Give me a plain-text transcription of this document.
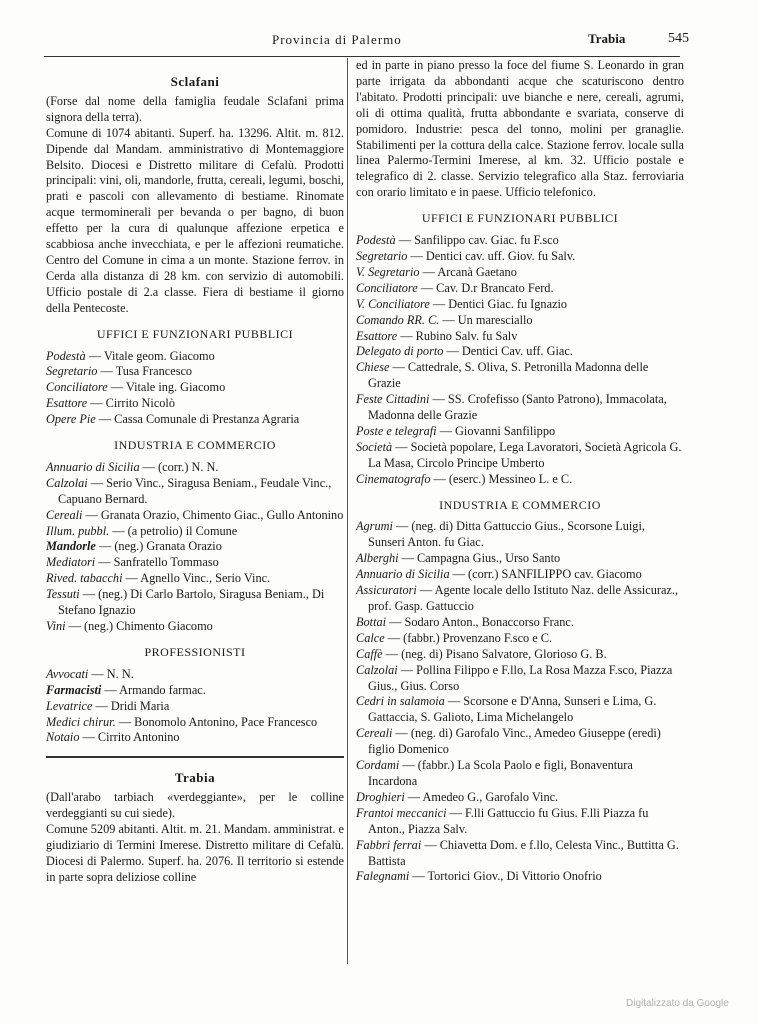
Provincia di Palermo	Trabia	545
Sclafani

(Forse dal nome della famiglia feudale Sclafani prima signora della terra).

Comune di 1074 abitanti. Superf. ha. 13296. Altit. m. 812. Dipende dal Mandam. amministrativo di Montemaggiore Belsito. Diocesi e Distretto militare di Cefalù. Prodotti principali: vini, oli, mandorle, frutta, cereali, legumi, boschi, prati e pascoli con allevamento di bestiame. Rinomate acque termominerali per bevanda o per bagno, di buon effetto per la cura di qualunque affezione erpetica e scabbiosa anche invecchiata, e per le affezioni reumatiche. Centro del Comune in cima a un monte. Stazione ferrov. in Cerda alla distanza di 28 km. con servizio di automobili. Ufficio postale di 2.a classe. Fiera di bestiame il giorno della Pentecoste.

UFFICI E FUNZIONARI PUBBLICI

Podestà — Vitale geom. Giacomo

Segretario — Tusa Francesco

Conciliatore — Vitale ing. Giacomo

Esattore — Cirrito Nicolò

Opere Pie — Cassa Comunale di Prestanza Agraria

INDUSTRIA E COMMERCIO

Annuario di Sicilia — (corr.) N. N.

Calzolai — Serio Vinc., Siragusa Beniam., Feudale Vinc., Capuano Bernard.

Cereali — Granata Orazio, Chimento Giac., Gullo Antonino

Illum. pubbl. — (a petrolio) il Comune

Mandorle — (neg.) Granata Orazio

Mediatori — Sanfratello Tommaso

Rived. tabacchi — Agnello Vinc., Serio Vinc.

Tessuti — (neg.) Di Carlo Bartolo, Siragusa Beniam., Di Stefano Ignazio

Vini — (neg.) Chimento Giacomo

PROFESSIONISTI

Avvocati — N. N.

Farmacisti — Armando farmac.

Levatrice — Dridi Maria

Medici chirur. — Bonomolo Antonino, Pace Francesco

Notaio — Cirrito Antonino

Trabia

(Dall'arabo tarbiach «verdeggiante», per le colline verdeggianti su cui siede).

Comune 5209 abitanti. Altit. m. 21. Mandam. amministrat. e giudiziario di Termini Imerese. Distretto militare di Cefalù. Diocesi di Palermo. Superf. ha. 2076. Il territorio si estende in parte sopra deliziose colline

ed in parte in piano presso la foce del fiume S. Leonardo in gran parte irrigata da abbondanti acque che scaturiscono dentro l'abitato. Prodotti principali: uve bianche e nere, cereali, agrumi, oli di ottima qualità, frutta abbondante e svariata, conserve di pomidoro. Industrie: pesca del tonno, molini per granaglie. Stabilimenti per la cottura della calce. Stazione ferrov. locale sulla linea Palermo-Termini Imerese, al km. 32. Ufficio postale e telegrafico di 2. classe. Servizio telegrafico alla Staz. ferroviaria con orario limitato e in paese. Ufficio telefonico.

UFFICI E FUNZIONARI PUBBLICI

Podestà — Sanfilippo cav. Giac. fu F.sco

Segretario — Dentici cav. uff. Giov. fu Salv.

V. Segretario — Arcanà Gaetano

Conciliatore — Cav. D.r Brancato Ferd.

V. Conciliatore — Dentici Giac. fu Ignazio

Comando RR. C. — Un maresciallo

Esattore — Rubino Salv. fu Salv

Delegato di porto — Dentici Cav. uff. Giac.

Chiese — Cattedrale, S. Oliva, S. Petronilla Madonna delle Grazie

Feste Cittadini — SS. Crofefisso (Santo Patrono), Immacolata, Madonna delle Grazie

Poste e telegrafi — Giovanni Sanfilippo

Società — Società popolare, Lega Lavoratori, Società Agricola G. La Masa, Circolo Principe Umberto

Cinematografo — (eserc.) Messineo L. e C.

INDUSTRIA E COMMERCIO

Agrumi — (neg. di) Ditta Gattuccio Gius., Scorsone Luigi, Sunseri Anton. fu Giac.

Alberghi — Campagna Gius., Urso Santo

Annuario di Sicilia — (corr.) SANFILIPPO cav. Giacomo

Assicuratori — Agente locale dello Istituto Naz. delle Assicuraz., prof. Gasp. Gattuccio

Bottai — Sodaro Anton., Bonaccorso Franc.

Calce — (fabbr.) Provenzano F.sco e C.

Caffè — (neg. di) Pisano Salvatore, Glorioso G. B.

Calzolai — Pollina Filippo e F.llo, La Rosa Mazza F.sco, Piazza Gius., Gius. Corso

Cedri in salamoia — Scorsone e D'Anna, Sunseri e Lima, G. Gattaccia, S. Galioto, Lima Michelangelo

Cereali — (neg. di) Garofalo Vinc., Amedeo Giuseppe (eredi) figlio Domenico

Cordami — (fabbr.) La Scola Paolo e figli, Bonaventura Incardona

Droghieri — Amedeo G., Garofalo Vinc.

Frantoi meccanici — F.lli Gattuccio fu Gius. F.lli Piazza fu Anton., Piazza Salv.

Fabbri ferrai — Chiavetta Dom. e f.llo, Celesta Vinc., Buttitta G. Battista

Falegnami — Tortorici Giov., Di Vittorio Onofrio

Digitalizzato da Google
